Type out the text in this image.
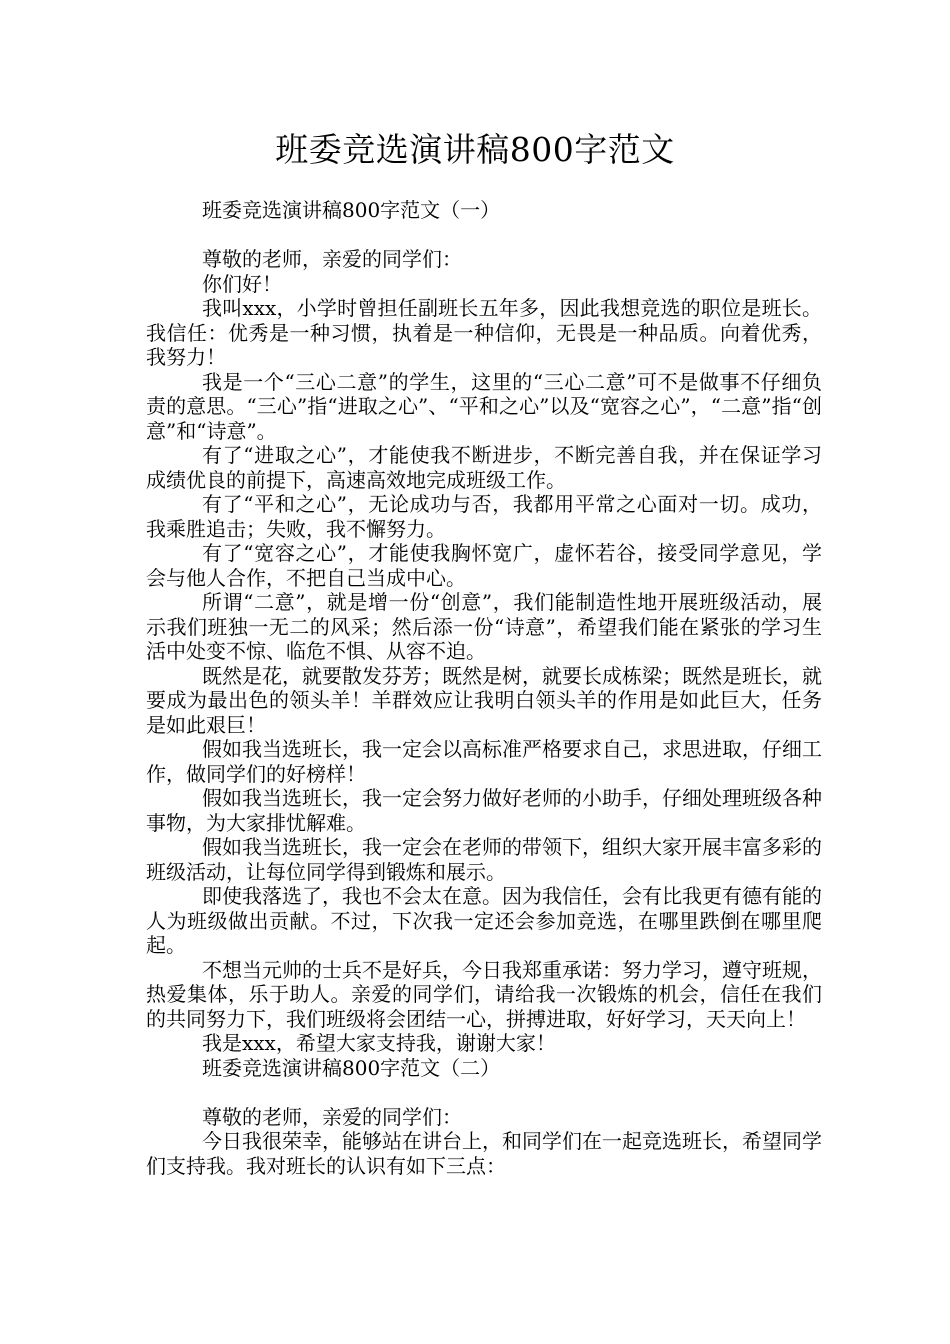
班委竞选演讲稿800字范文

班委竞选演讲稿800字范文（一）

尊敬的老师，亲爱的同学们：

你们好！

我叫xxx，小学时曾担任副班长五年多，因此我想竞选的职位是班长。我信任：优秀是一种习惯，执着是一种信仰，无畏是一种品质。向着优秀，我努力！

我是一个“三心二意”的学生，这里的“三心二意”可不是做事不仔细负责的意思。“三心”指“进取之心”、“平和之心”以及“宽容之心”，“二意”指“创意”和“诗意”。

有了“进取之心”，才能使我不断进步，不断完善自我，并在保证学习成绩优良的前提下，高速高效地完成班级工作。

有了“平和之心”，无论成功与否，我都用平常之心面对一切。成功，我乘胜追击；失败，我不懈努力。

有了“宽容之心”，才能使我胸怀宽广，虚怀若谷，接受同学意见，学会与他人合作，不把自己当成中心。

所谓“二意”，就是增一份“创意”，我们能制造性地开展班级活动，展示我们班独一无二的风采；然后添一份“诗意”，希望我们能在紧张的学习生活中处变不惊、临危不惧、从容不迫。

既然是花，就要散发芬芳；既然是树，就要长成栋梁；既然是班长，就要成为最出色的领头羊！羊群效应让我明白领头羊的作用是如此巨大，任务是如此艰巨！

假如我当选班长，我一定会以高标准严格要求自己，求思进取，仔细工作，做同学们的好榜样！

假如我当选班长，我一定会努力做好老师的小助手，仔细处理班级各种事物，为大家排忧解难。

假如我当选班长，我一定会在老师的带领下，组织大家开展丰富多彩的班级活动，让每位同学得到锻炼和展示。

即使我落选了，我也不会太在意。因为我信任，会有比我更有德有能的人为班级做出贡献。不过，下次我一定还会参加竞选，在哪里跌倒在哪里爬起。

不想当元帅的士兵不是好兵，今日我郑重承诺：努力学习，遵守班规，热爱集体，乐于助人。亲爱的同学们，请给我一次锻炼的机会，信任在我们的共同努力下，我们班级将会团结一心，拼搏进取，好好学习，天天向上！

我是xxx，希望大家支持我，谢谢大家！

班委竞选演讲稿800字范文（二）

尊敬的老师，亲爱的同学们：

今日我很荣幸，能够站在讲台上，和同学们在一起竞选班长，希望同学们支持我。我对班长的认识有如下三点：
